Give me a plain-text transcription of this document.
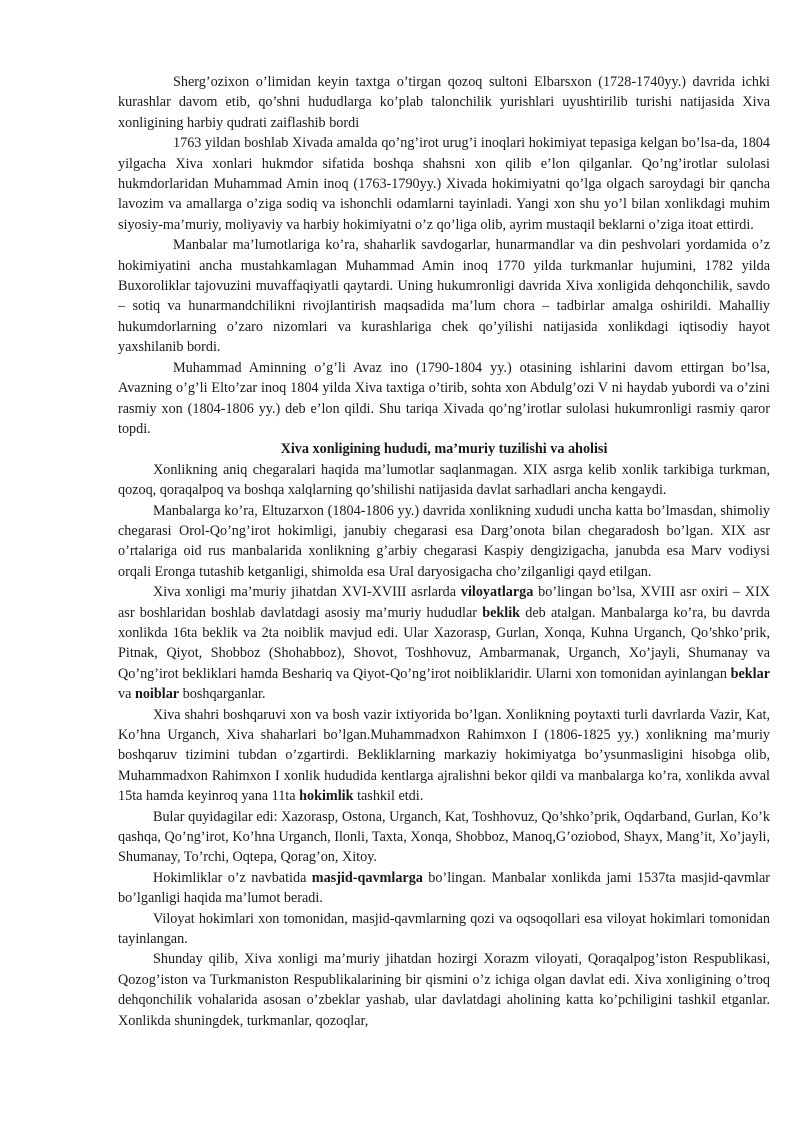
Sherg’ozixon o’limidan keyin taxtga o’tirgan qozoq sultoni Elbarsxon (1728-1740yy.) davrida ichki kurashlar davom etib, qo’shni hududlarga ko’plab talonchilik yurishlari uyushtirilib turishi natijasida Xiva xonligining harbiy qudrati zaiflashib bordi

1763 yildan boshlab Xivada amalda qo’ng’irot urug’i inoqlari hokimiyat tepasiga kelgan bo’lsa-da, 1804 yilgacha Xiva xonlari hukmdor sifatida boshqa shahsni xon qilib e’lon qilganlar. Qo’ng’irotlar sulolasi hukmdorlaridan Muhammad Amin inoq (1763-1790yy.) Xivada hokimiyatni qo’lga olgach saroydagi bir qancha lavozim va amallarga o’ziga sodiq va ishonchli odamlarni tayinladi. Yangi xon shu yo’l bilan xonlikdagi muhim siyosiy-ma’muriy, moliyaviy va harbiy hokimiyatni o’z qo’liga olib, ayrim mustaqil beklarni o’ziga itoat ettirdi.

Manbalar ma’lumotlariga ko’ra, shaharlik savdogarlar, hunarmandlar va din peshvolari yordamida o’z hokimiyatini ancha mustahkamlagan Muhammad Amin inoq 1770 yilda turkmanlar hujumini, 1782 yilda Buxoroliklar tajovuzini muvaffaqiyatli qaytardi. Uning hukumronligi davrida Xiva xonligida dehqonchilik, savdo – sotiq va hunarmandchilikni rivojlantirish maqsadida ma’lum chora – tadbirlar amalga oshirildi. Mahalliy hukumdorlarning o’zaro nizomlari va kurashlariga chek qo’yilishi natijasida xonlikdagi iqtisodiy hayot yaxshilanib bordi.

Muhammad Aminning o’g’li Avaz ino (1790-1804 yy.) otasining ishlarini davom ettirgan bo’lsa, Avazning o’g’li Elto’zar inoq 1804 yilda Xiva taxtiga o’tirib, sohta xon Abdulg’ozi V ni haydab yubordi va o’zini rasmiy xon (1804-1806 yy.) deb e’lon qildi. Shu tariqa Xivada qo’ng’irotlar sulolasi hukumronligi rasmiy qaror topdi.

Xiva xonligining hududi, ma’muriy tuzilishi va aholisi

Xonlikning aniq chegaralari haqida ma’lumotlar saqlanmagan. XIX asrga kelib xonlik tarkibiga turkman, qozoq, qoraqalpoq va boshqa xalqlarning qo’shilishi natijasida davlat sarhadlari ancha kengaydi.

Manbalarga ko’ra, Eltuzarxon (1804-1806 yy.) davrida xonlikning xududi uncha katta bo’lmasdan, shimoliy chegarasi Orol-Qo’ng’irot hokimligi, janubiy chegarasi esa Darg’onota bilan chegaradosh bo’lgan. XIX asr o’rtalariga oid rus manbalarida xonlikning g’arbiy chegarasi Kaspiy dengizigacha, janubda esa Marv vodiysi orqali Eronga tutashib ketganligi, shimolda esa Ural daryosigacha cho’zilganligi qayd etilgan.

Xiva xonligi ma’muriy jihatdan XVI-XVIII asrlarda viloyatlarga bo’lingan bo’lsa, XVIII asr oxiri – XIX asr boshlaridan boshlab davlatdagi asosiy ma’muriy hududlar beklik deb atalgan. Manbalarga ko’ra, bu davrda xonlikda 16ta beklik va 2ta noiblik mavjud edi. Ular Xazorasp, Gurlan, Xonqa, Kuhna Urganch, Qo’shko’prik, Pitnak, Qiyot, Shobboz (Shohabboz), Shovot, Toshhovuz, Ambarmanak, Urganch, Xo’jayli, Shumanay va Qo’ng’irot bekliklari hamda Beshariq va Qiyot-Qo’ng’irot noibliklaridir. Ularni xon tomonidan ayinlangan beklar va noiblar boshqarganlar.

Xiva shahri boshqaruvi xon va bosh vazir ixtiyorida bo’lgan. Xonlikning poytaxti turli davrlarda Vazir, Kat, Ko’hna Urganch, Xiva shaharlari bo’lgan.Muhammadxon Rahimxon I (1806-1825 yy.) xonlikning ma’muriy boshqaruv tizimini tubdan o’zgartirdi. Bekliklarning markaziy hokimiyatga bo’ysunmasligini hisobga olib, Muhammadxon Rahimxon I xonlik hududida kentlarga ajralishni bekor qildi va manbalarga ko’ra, xonlikda avval 15ta hamda keyinroq yana 11ta hokimlik tashkil etdi.

Bular quyidagilar edi: Xazorasp, Ostona, Urganch, Kat, Toshhovuz, Qo’shko’prik, Oqdarband, Gurlan, Ko’k qashqa, Qo’ng’irot, Ko’hna Urganch, Ilonli, Taxta, Xonqa, Shobboz, Manoq,G’oziobod, Shayx, Mang’it, Xo’jayli, Shumanay, To’rchi, Oqtepa, Qorag’on, Xitoy.

Hokimliklar o’z navbatida masjid-qavmlarga bo’lingan. Manbalar xonlikda jami 1537ta masjid-qavmlar bo’lganligi haqida ma’lumot beradi.

Viloyat hokimlari xon tomonidan, masjid-qavmlarning qozi va oqsoqollari esa viloyat hokimlari tomonidan tayinlangan.

Shunday qilib, Xiva xonligi ma’muriy jihatdan hozirgi Xorazm viloyati, Qoraqalpog’iston Respublikasi, Qozog’iston va Turkmaniston Respublikalarining bir qismini o’z ichiga olgan davlat edi. Xiva xonligining o’troq dehqonchilik vohalarida asosan o’zbeklar yashab, ular davlatdagi aholining katta ko’pchiligini tashkil etganlar. Xonlikda shuningdek, turkmanlar, qozoqlar,
